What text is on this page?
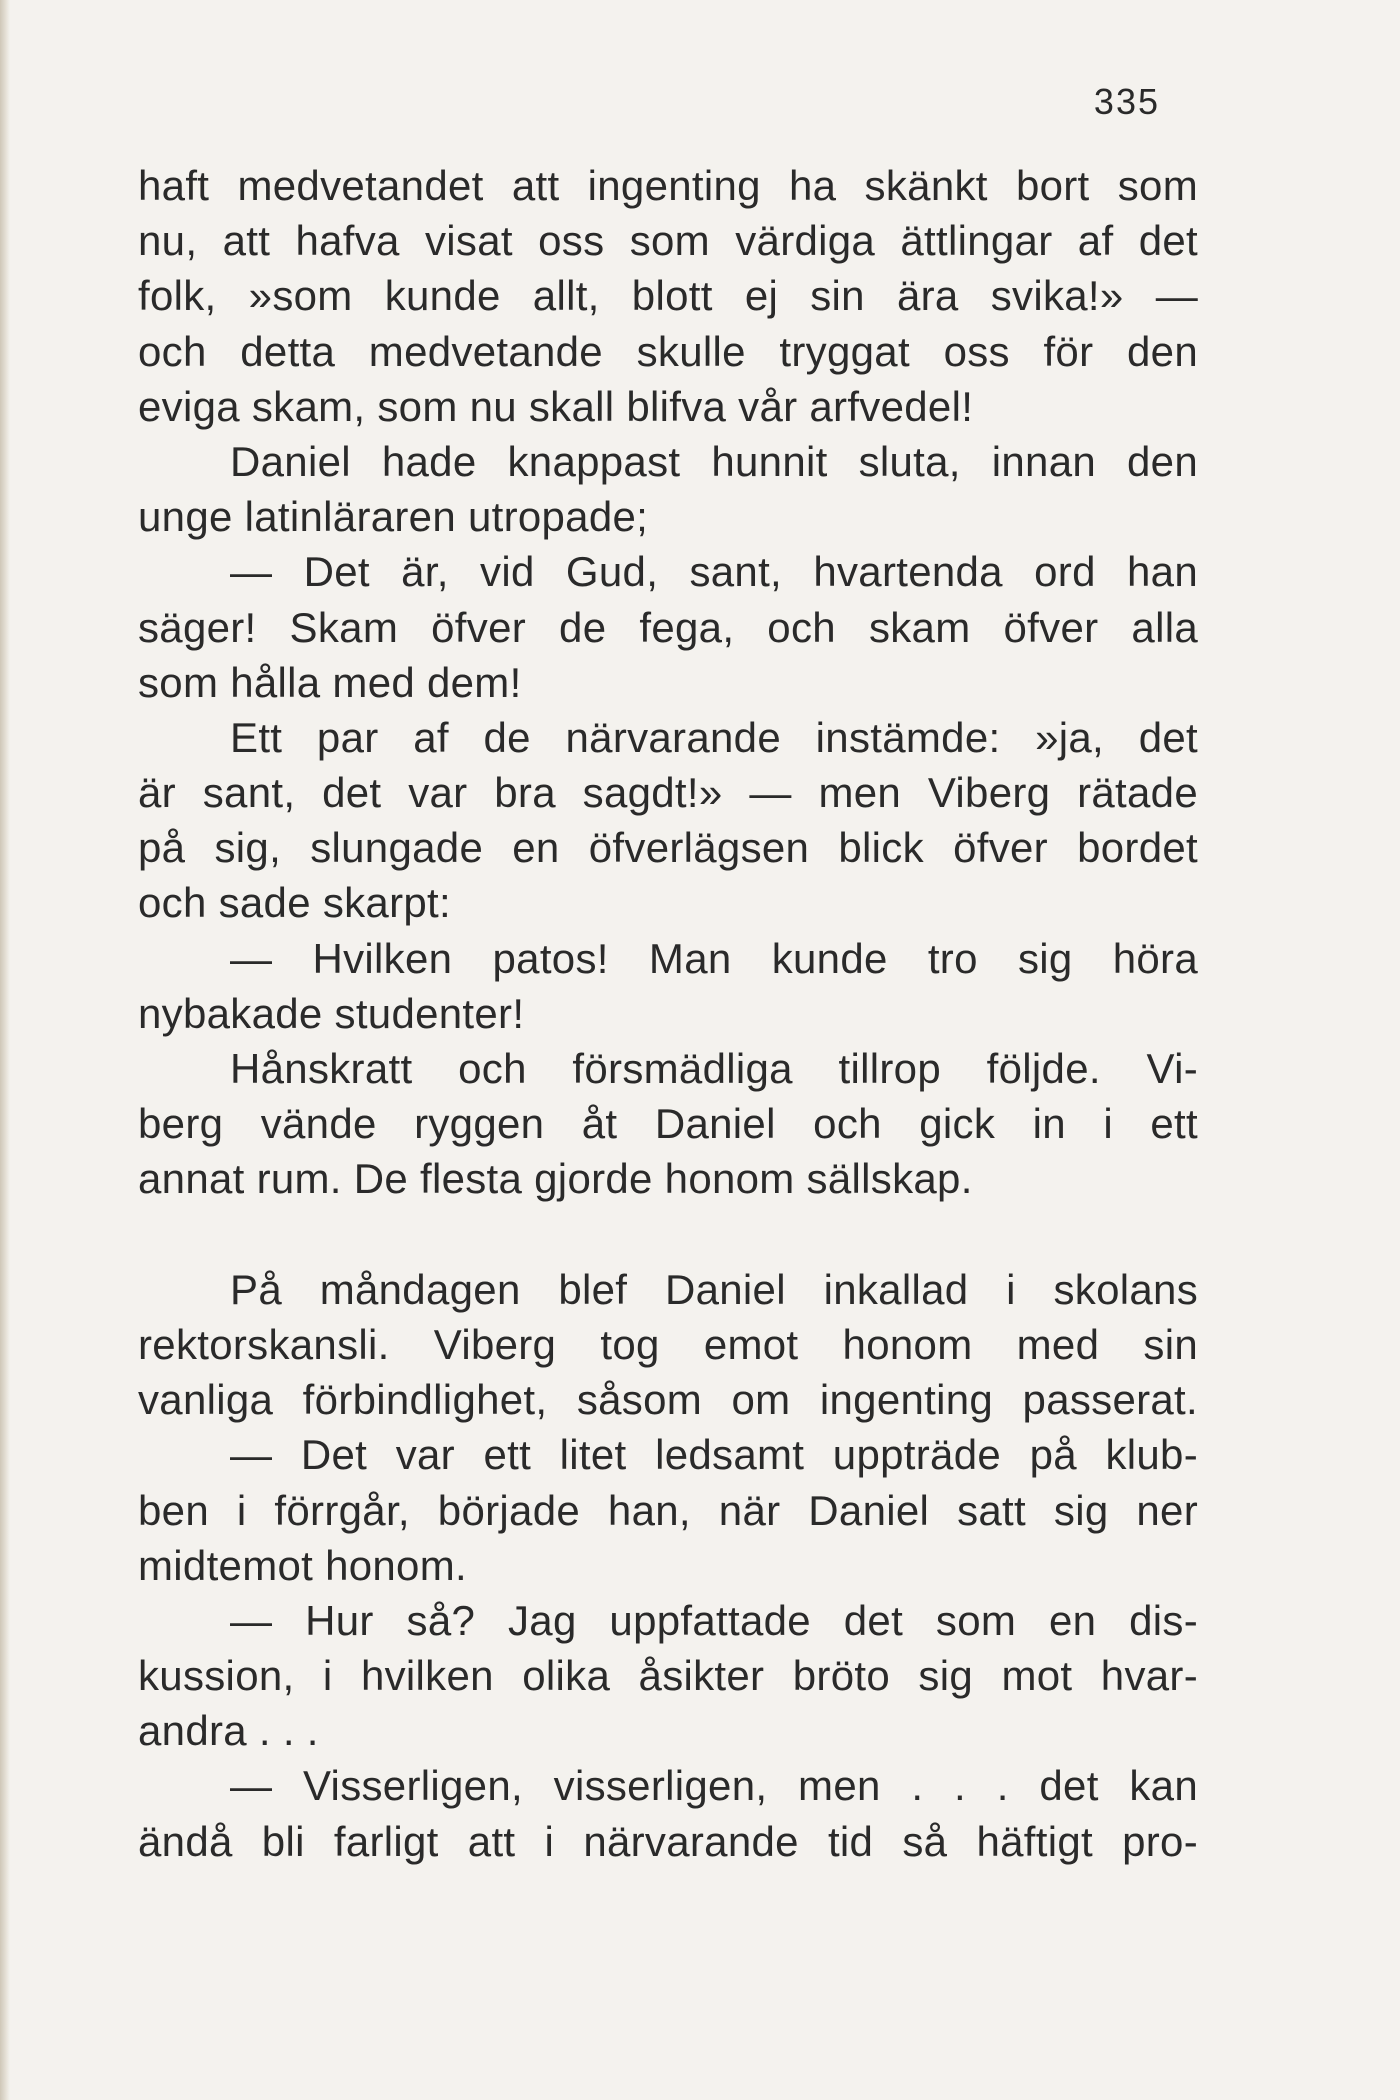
335
haft medvetandet att ingenting ha skänkt bort som
nu, att hafva visat oss som värdiga ättlingar af det
folk, »som kunde allt, blott ej sin ära svika!» —
och detta medvetande skulle tryggat oss för den
eviga skam, som nu skall blifva vår arfvedel!
Daniel hade knappast hunnit sluta, innan den
unge latinläraren utropade;
— Det är, vid Gud, sant, hvartenda ord han
säger! Skam öfver de fega, och skam öfver alla
som hålla med dem!
Ett par af de närvarande instämde: »ja, det
är sant, det var bra sagdt!» — men Viberg rätade
på sig, slungade en öfverlägsen blick öfver bordet
och sade skarpt:
— Hvilken patos! Man kunde tro sig höra
nybakade studenter!
Hånskratt och försmädliga tillrop följde. Vi-
berg vände ryggen åt Daniel och gick in i ett
annat rum. De flesta gjorde honom sällskap.
På måndagen blef Daniel inkallad i skolans
rektorskansli. Viberg tog emot honom med sin
vanliga förbindlighet, såsom om ingenting passerat.
— Det var ett litet ledsamt uppträde på klub-
ben i förrgår, började han, när Daniel satt sig ner
midtemot honom.
— Hur så? Jag uppfattade det som en dis-
kussion, i hvilken olika åsikter bröto sig mot hvar-
andra . . .
— Visserligen, visserligen, men . . . det kan
ändå bli farligt att i närvarande tid så häftigt pro-
